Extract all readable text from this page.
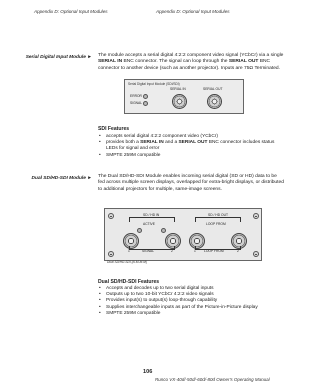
Appendix D: Optional Input Modules	Appendix D: Optional Input Modules
Serial Digital Input Module ► The module accepts a serial digital 4:2:2 component video signal (YCbCr) via a single SERIAL IN BNC connector. The signal can loop through the SERIAL OUT BNC connector to another device (such as another projector). Inputs are 75Ω Terminated.
Serial Digital Input Module (SDI/SDI)
ERROR
SIGNAL
SERIAL IN	SERIAL OUT
SDI Features
• accepts serial digital 4:2:2 component video (YCbCr)
• provides both a SERIAL IN and a SERIAL OUT BNC connector includes status LEDs for signal and error
• SMPTE 259M compatible
Dual SD/HD-SDI Module ► The Dual SD/HD-SDI Module enables incoming serial digital (SD or HD) data to be fed across multiple screen displays, overlapped for extra-bright displays, or distributed to additional projectors for multiple, same-image screens.
SD / HD IN
ACTIVE
1	SIGNAL	2
SD / HD OUT
LOOP FROM
1 LOOP FROM	2
Dual SD/HD-SDI (A-M-M-M)
Dual SD/HD-SDI Features
• Accepts and decodes up to two serial digital inputs
• Outputs up to two 10-bit YCbCr 4:2:2 video signals
• Provides input(s) to output(s) loop-through capability
• Supplies interchangeable inputs as part of the Picture-in-Picture display
• SMPTE 259M compatible
106
Runco VX-40d/-50d/-60d/-80d Owner's Operating Manual
